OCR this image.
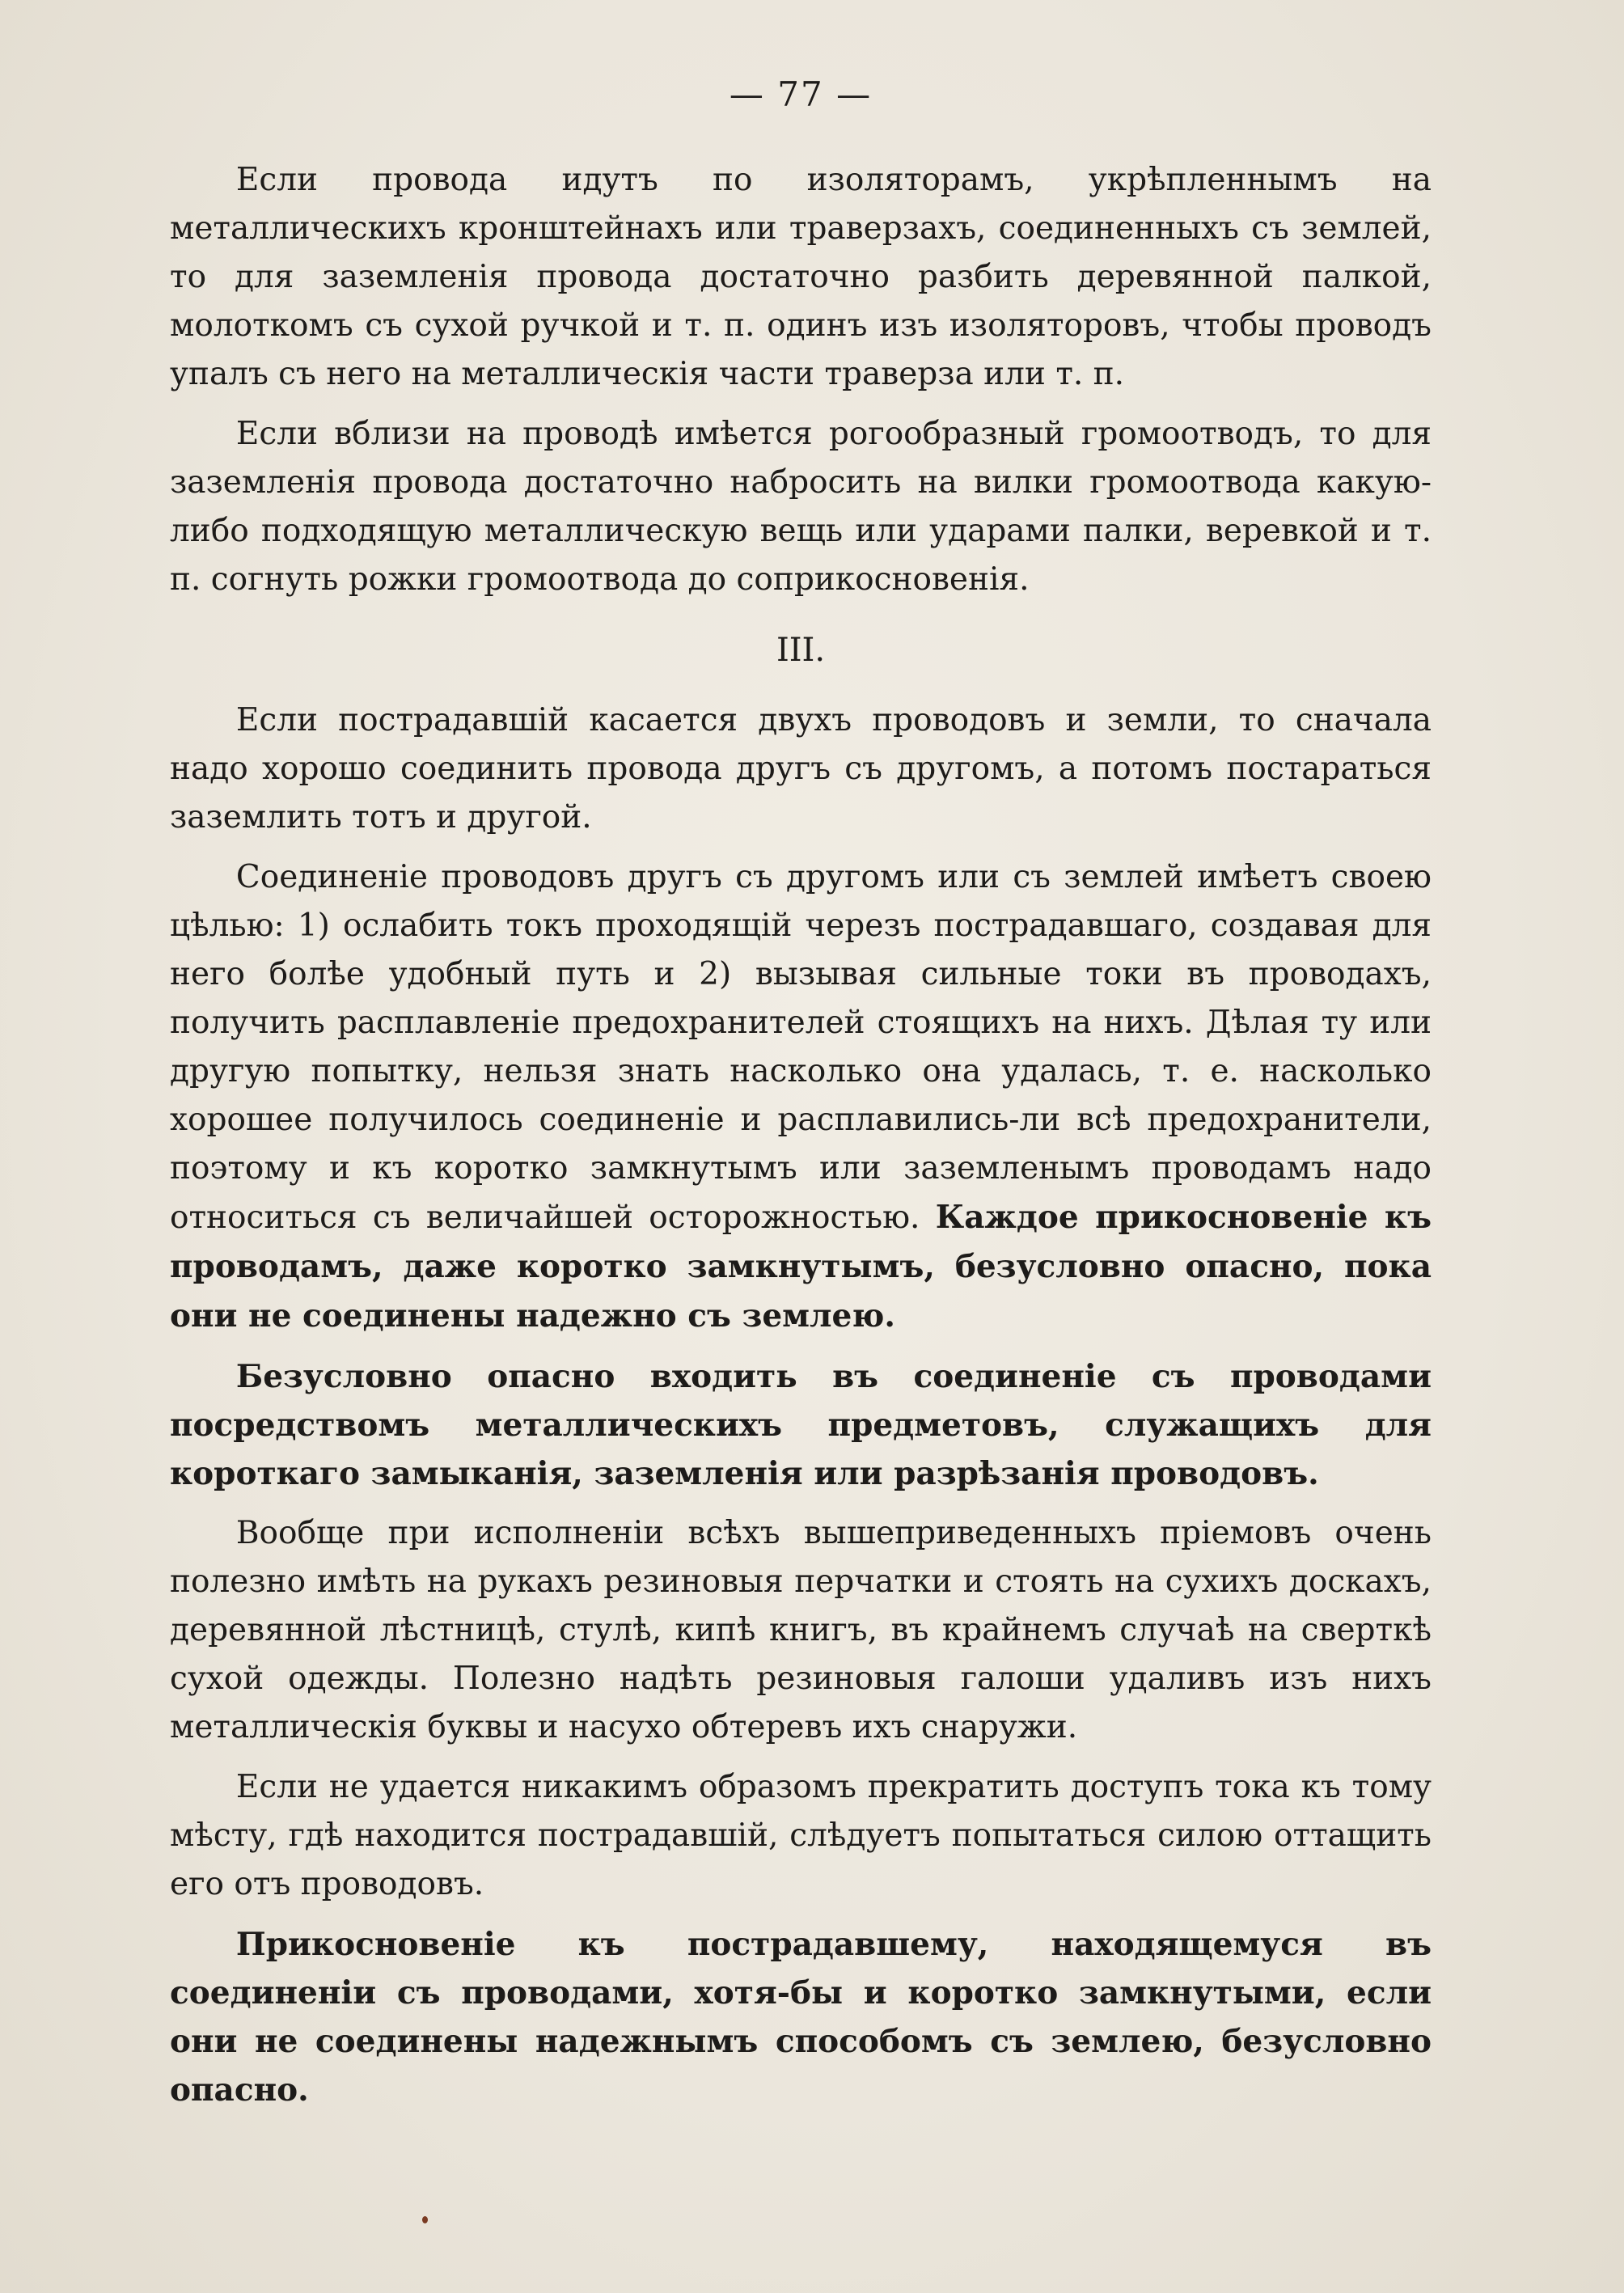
— 77 —

Если провода идутъ по изоляторамъ, укрѣпленнымъ на металлическихъ кронштейнахъ или траверзахъ, соединенныхъ съ землей, то для заземленія провода достаточно разбить деревянной палкой, молоткомъ съ сухой ручкой и т. п. одинъ изъ изоляторовъ, чтобы проводъ упалъ съ него на металлическія части траверза или т. п.

Если вблизи на проводѣ имѣется рогообразный громоотводъ, то для заземленія провода достаточно набросить на вилки громоотвода какую-либо подходящую металлическую вещь или ударами палки, веревкой и т. п. согнуть рожки громоотвода до соприкосновенія.

III.

Если пострадавшій касается двухъ проводовъ и земли, то сначала надо хорошо соединить провода другъ съ другомъ, а потомъ постараться заземлить тотъ и другой.

Соединеніе проводовъ другъ съ другомъ или съ землей имѣетъ своею цѣлью: 1) ослабить токъ проходящій черезъ пострадавшаго, создавая для него болѣе удобный путь и 2) вызывая сильные токи въ проводахъ, получить расплавленіе предохранителей стоящихъ на нихъ. Дѣлая ту или другую попытку, нельзя знать насколько она удалась, т. е. насколько хорошее получилось соединеніе и расплавились-ли всѣ предохранители, поэтому и къ коротко замкнутымъ или заземленымъ проводамъ надо относиться съ величайшей осторожностью. Каждое прикосновеніе къ проводамъ, даже коротко замкнутымъ, безусловно опасно, пока они не соединены надежно съ землею.

Безусловно опасно входить въ соединеніе съ проводами посредствомъ металлическихъ предметовъ, служащихъ для короткаго замыканія, заземленія или разрѣзанія проводовъ.

Вообще при исполненіи всѣхъ вышеприведенныхъ пріемовъ очень полезно имѣть на рукахъ резиновыя перчатки и стоять на сухихъ доскахъ, деревянной лѣстницѣ, стулѣ, кипѣ книгъ, въ крайнемъ случаѣ на сверткѣ сухой одежды. Полезно надѣть резиновыя галоши удаливъ изъ нихъ металлическія буквы и насухо обтеревъ ихъ снаружи.

Если не удается никакимъ образомъ прекратить доступъ тока къ тому мѣсту, гдѣ находится пострадавшій, слѣдуетъ попытаться силою оттащить его отъ проводовъ.

Прикосновеніе къ пострадавшему, находящемуся въ соединеніи съ проводами, хотя-бы и коротко замкнутыми, если они не соединены надежнымъ способомъ съ землею, безусловно опасно.
